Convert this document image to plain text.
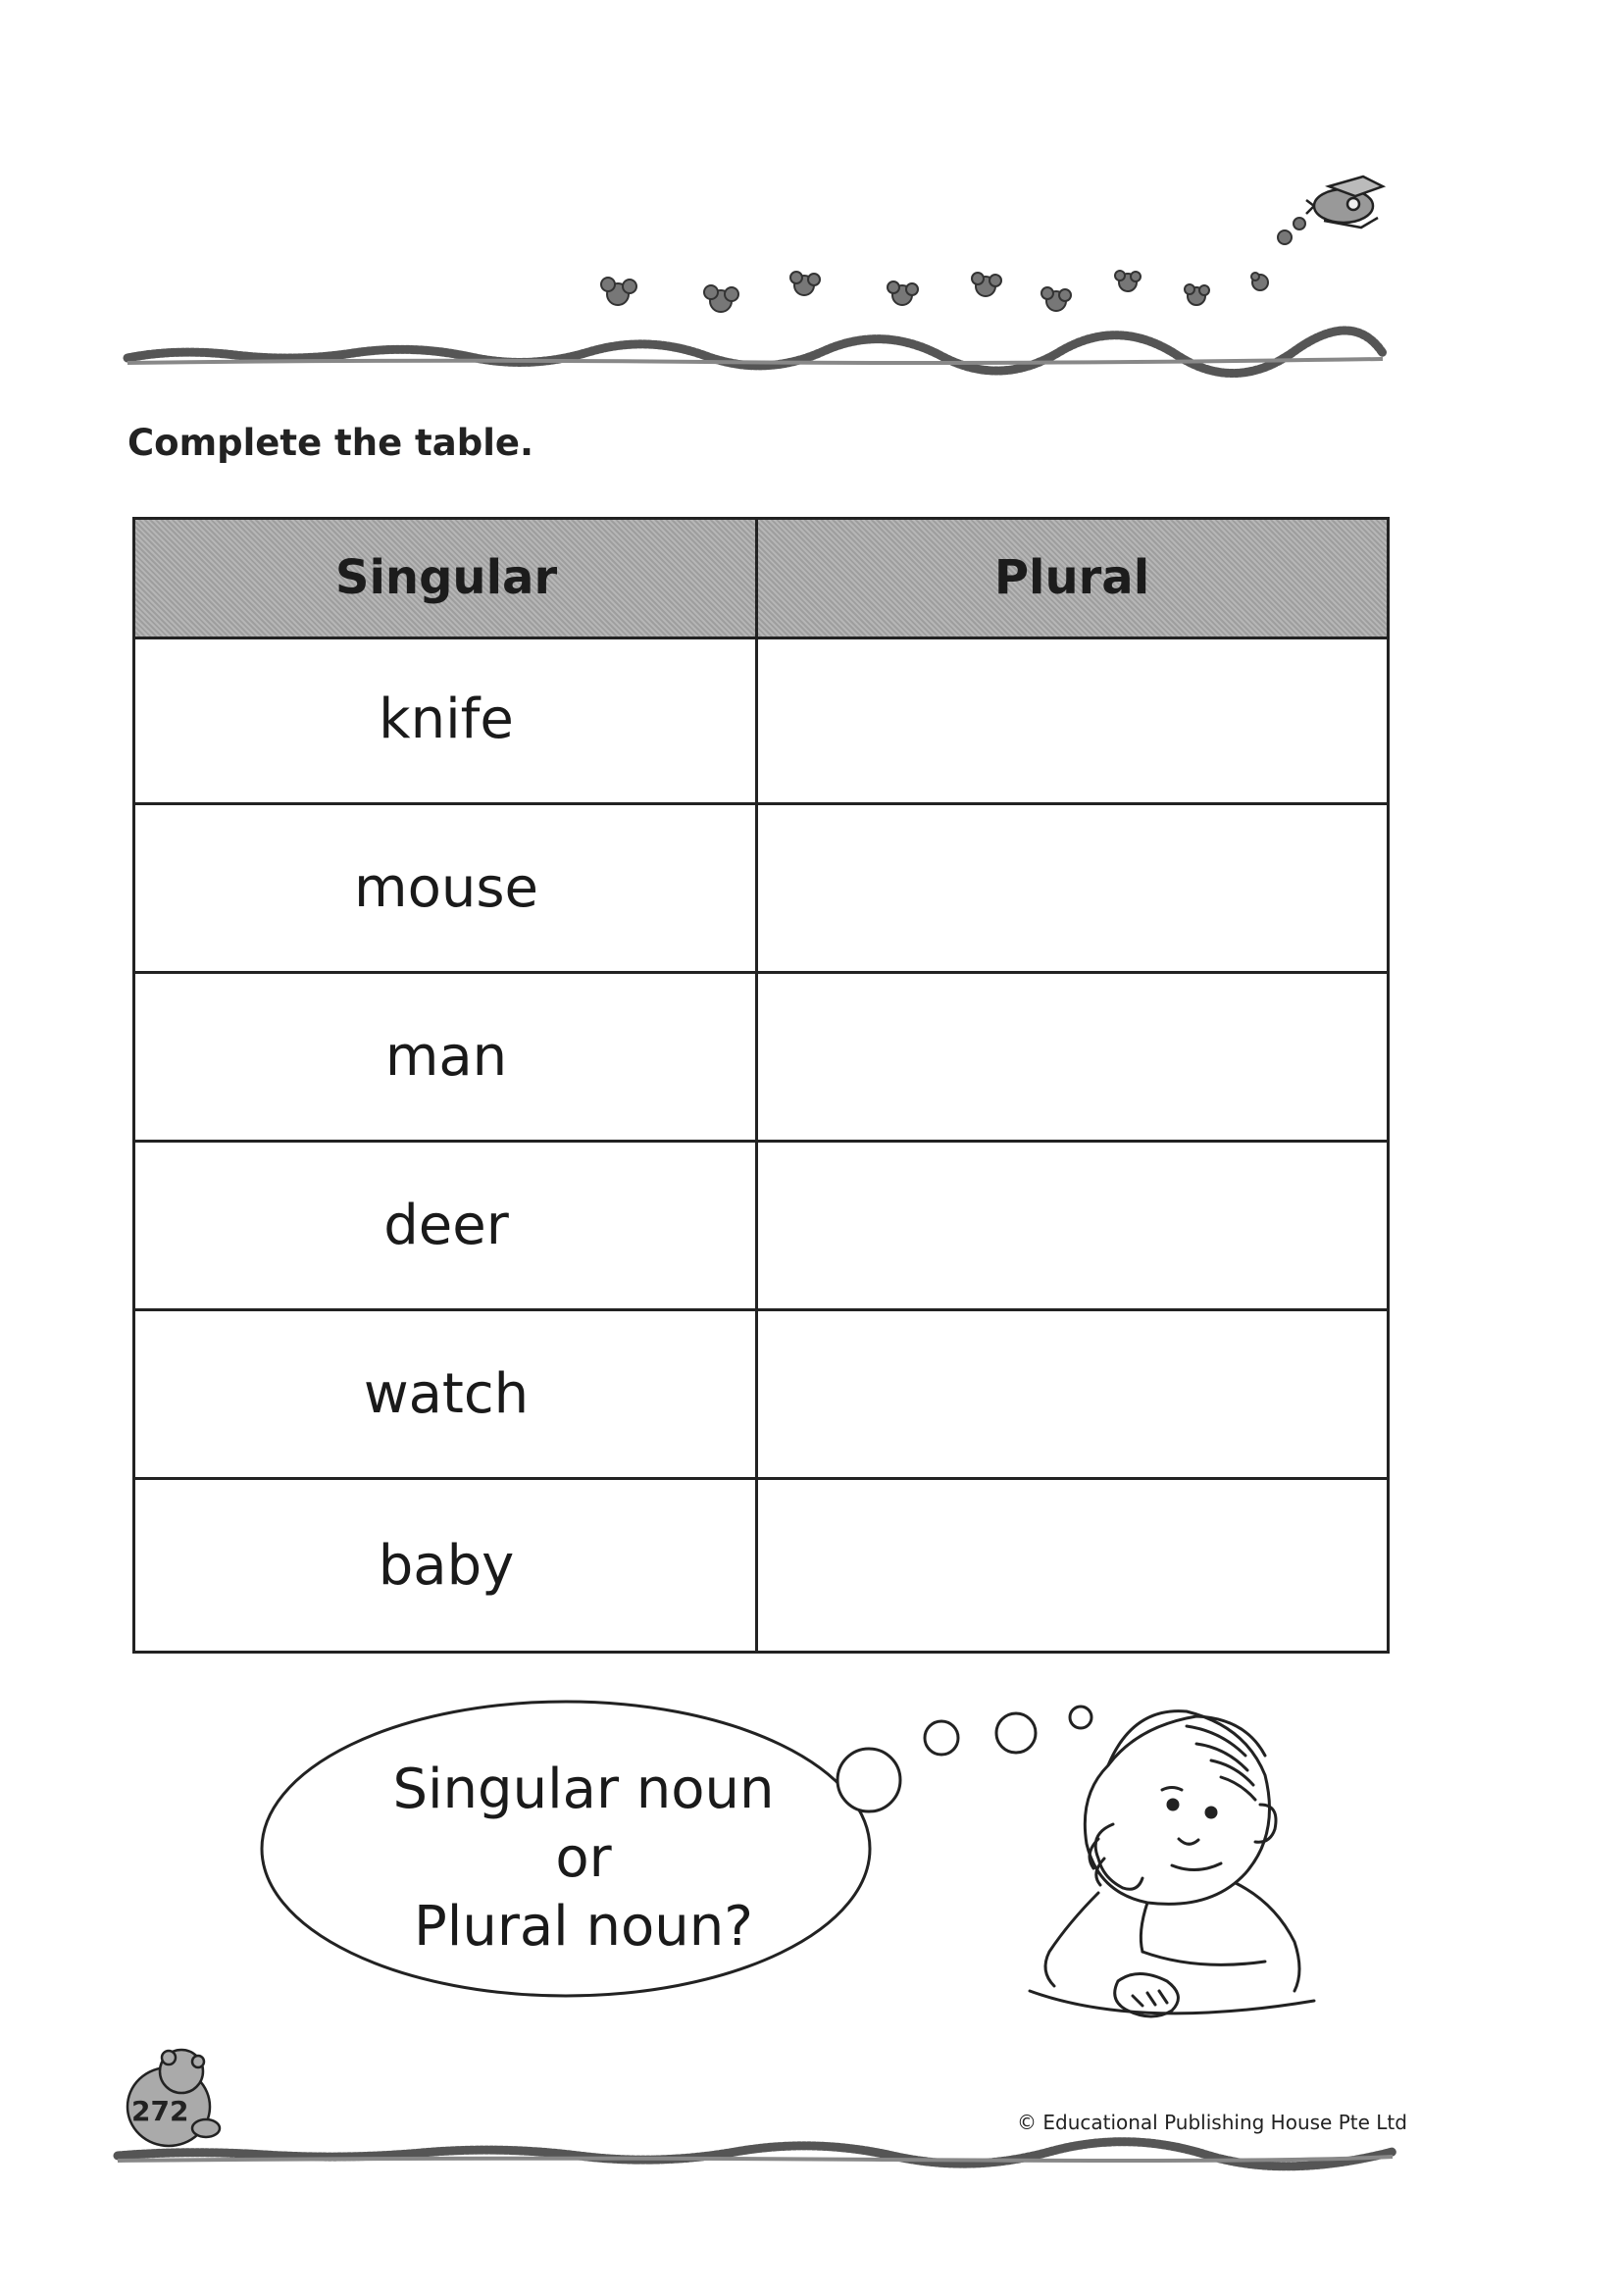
Complete the table.
Singular	Plural
knife
mouse
man
deer
watch
baby
Singular noun
or
Plural noun?
272	© Educational Publishing House Pte Ltd
